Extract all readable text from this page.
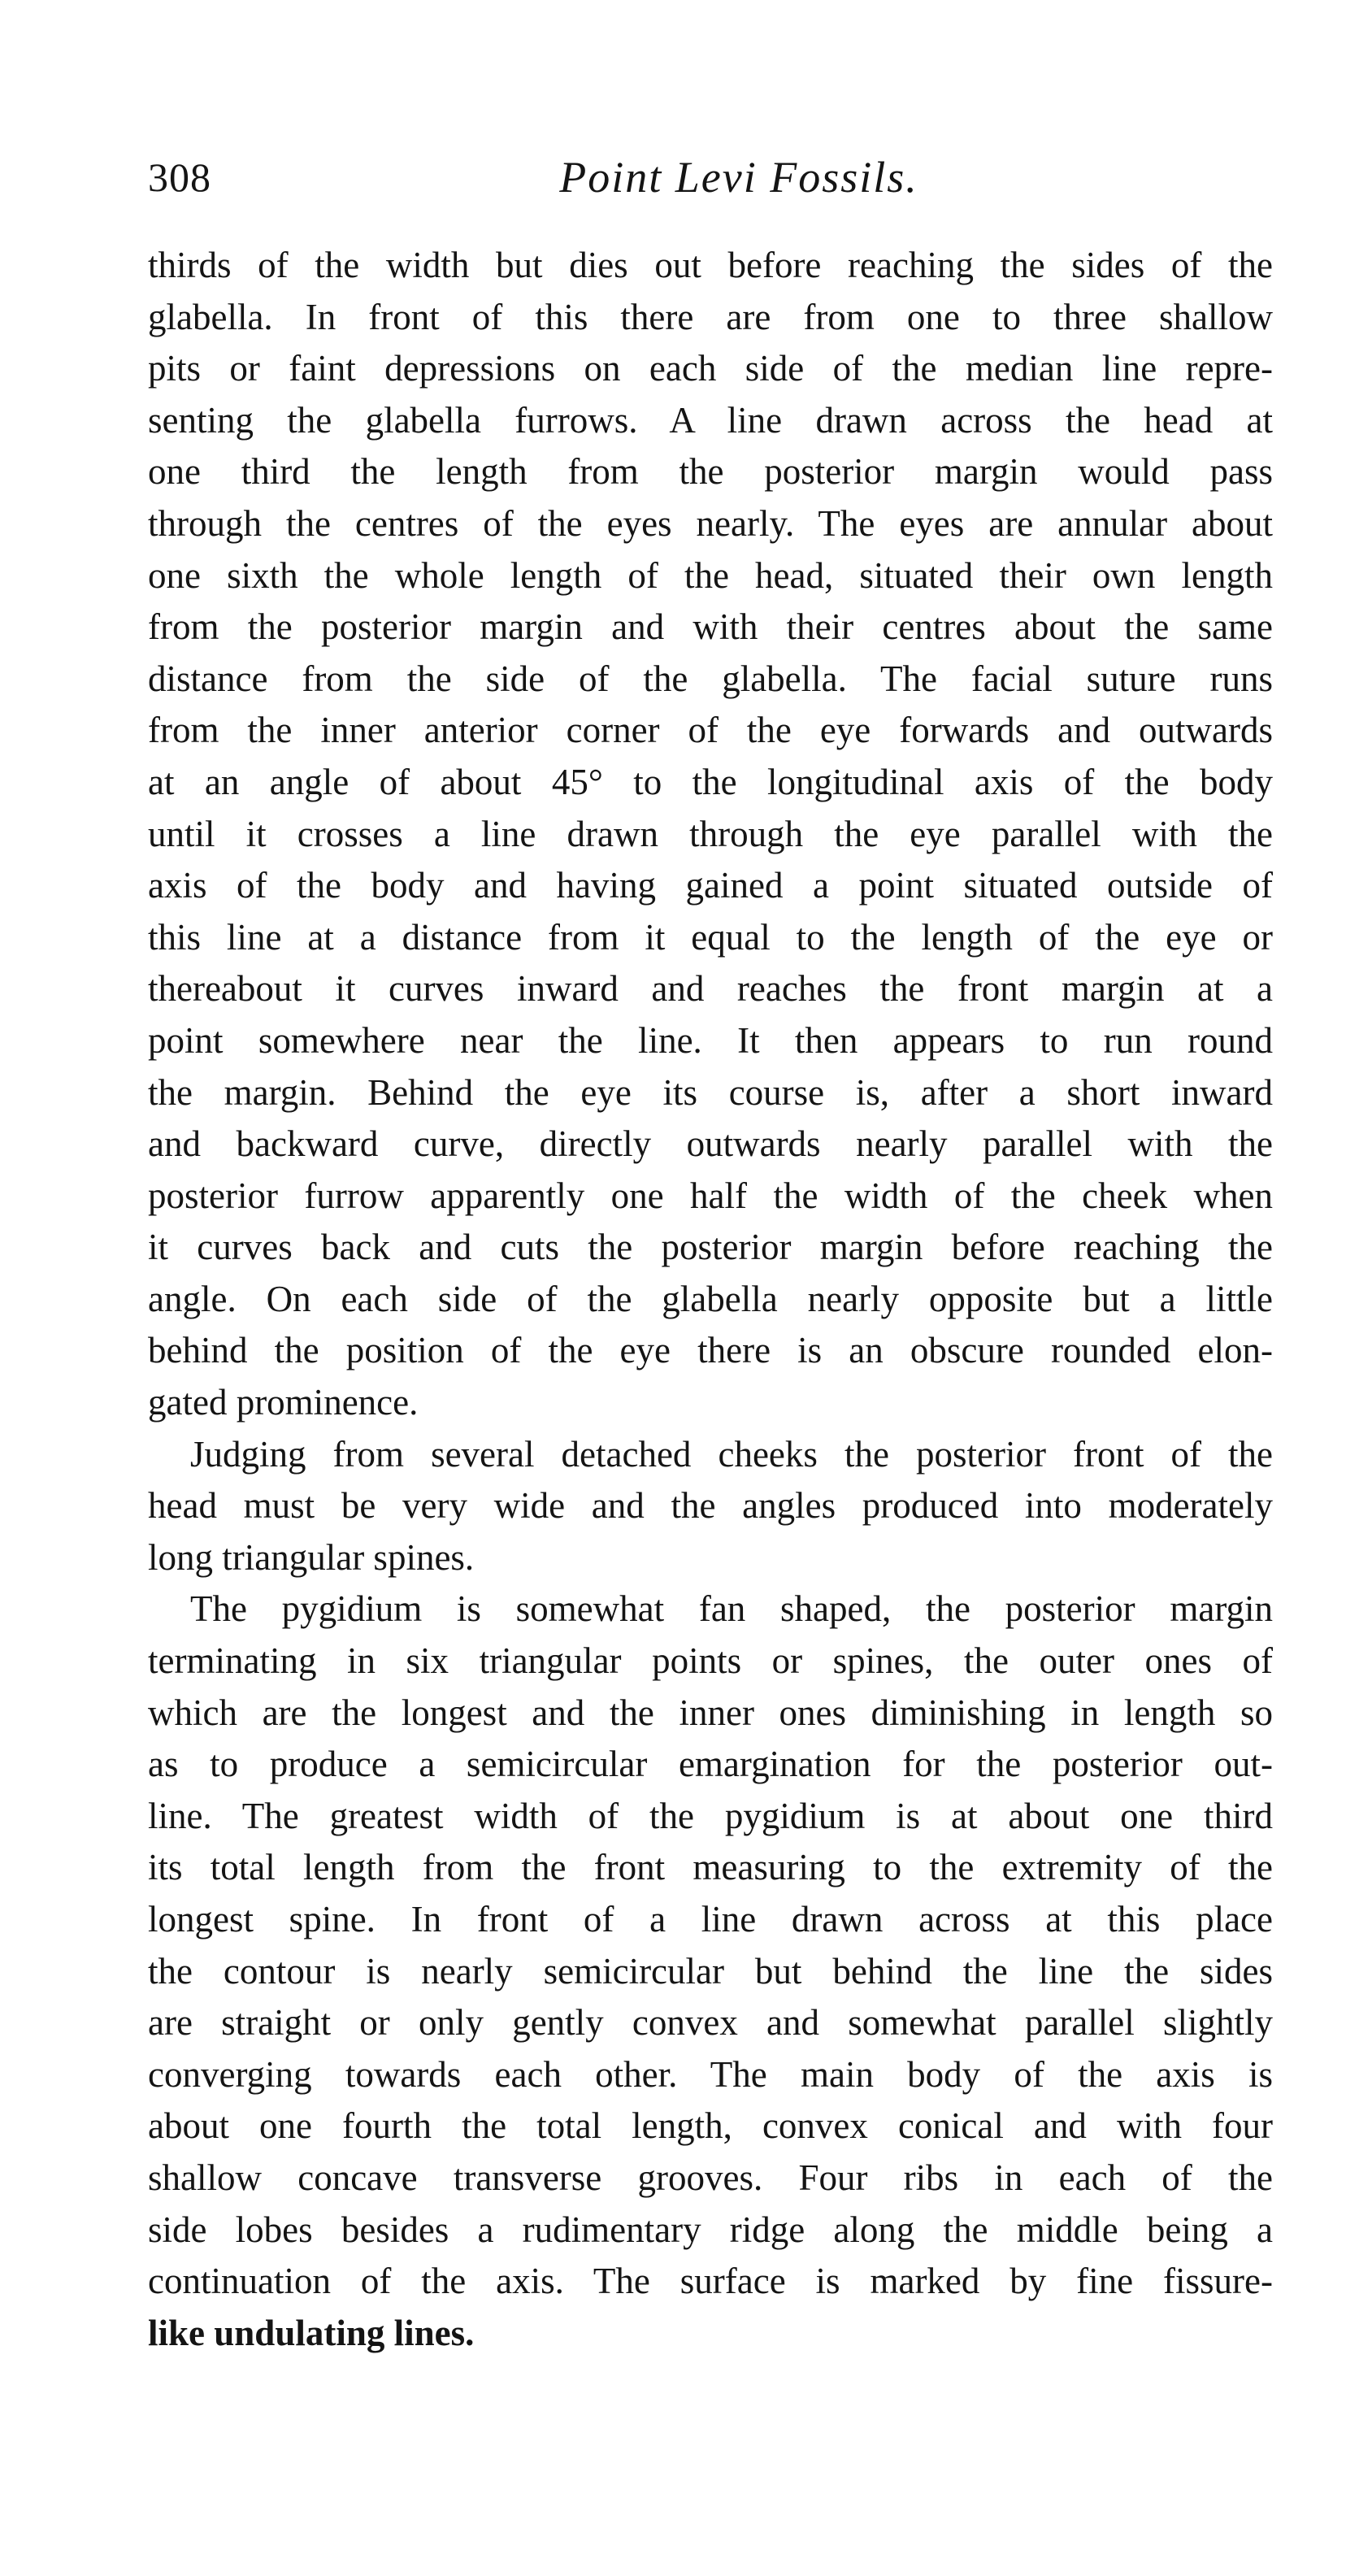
308	Point Levi Fossils.
thirds of the width but dies out before reaching the sides of the
glabella. In front of this there are from one to three shallow
pits or faint depressions on each side of the median line repre-
senting the glabella furrows. A line drawn across the head at
one third the length from the posterior margin would pass
through the centres of the eyes nearly. The eyes are annular about
one sixth the whole length of the head, situated their own length
from the posterior margin and with their centres about the same
distance from the side of the glabella. The facial suture runs
from the inner anterior corner of the eye forwards and outwards
at an angle of about 45° to the longitudinal axis of the body
until it crosses a line drawn through the eye parallel with the
axis of the body and having gained a point situated outside of
this line at a distance from it equal to the length of the eye or
thereabout it curves inward and reaches the front margin at a
point somewhere near the line. It then appears to run round
the margin. Behind the eye its course is, after a short inward
and backward curve, directly outwards nearly parallel with the
posterior furrow apparently one half the width of the cheek when
it curves back and cuts the posterior margin before reaching the
angle. On each side of the glabella nearly opposite but a little
behind the position of the eye there is an obscure rounded elon-
gated prominence.
Judging from several detached cheeks the posterior front of the
head must be very wide and the angles produced into moderately
long triangular spines.
The pygidium is somewhat fan shaped, the posterior margin
terminating in six triangular points or spines, the outer ones of
which are the longest and the inner ones diminishing in length so
as to produce a semicircular emargination for the posterior out-
line. The greatest width of the pygidium is at about one third
its total length from the front measuring to the extremity of the
longest spine. In front of a line drawn across at this place
the contour is nearly semicircular but behind the line the sides
are straight or only gently convex and somewhat parallel slightly
converging towards each other. The main body of the axis is
about one fourth the total length, convex conical and with four
shallow concave transverse grooves. Four ribs in each of the
side lobes besides a rudimentary ridge along the middle being a
continuation of the axis. The surface is marked by fine fissure-
like undulating lines.
